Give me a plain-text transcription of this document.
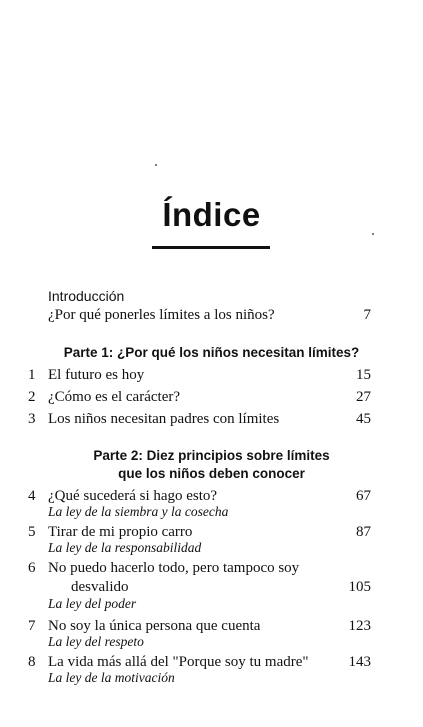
Índice
Introducción
¿Por qué ponerles límites a los niños?	7
Parte 1: ¿Por qué los niños necesitan límites?
1 El futuro es hoy	15
2 ¿Cómo es el carácter?	27
3 Los niños necesitan padres con límites	45
Parte 2: Diez principios sobre límites
que los niños deben conocer
4 ¿Qué sucederá si hago esto?	67
La ley de la siembra y la cosecha
5 Tirar de mi propio carro	87
La ley de la responsabilidad
6 No puedo hacerlo todo, pero tampoco soy
desvalido	105
La ley del poder
7 No soy la única persona que cuenta	123
La ley del respeto
8 La vida más allá del "Porque soy tu madre"	143
La ley de la motivación
